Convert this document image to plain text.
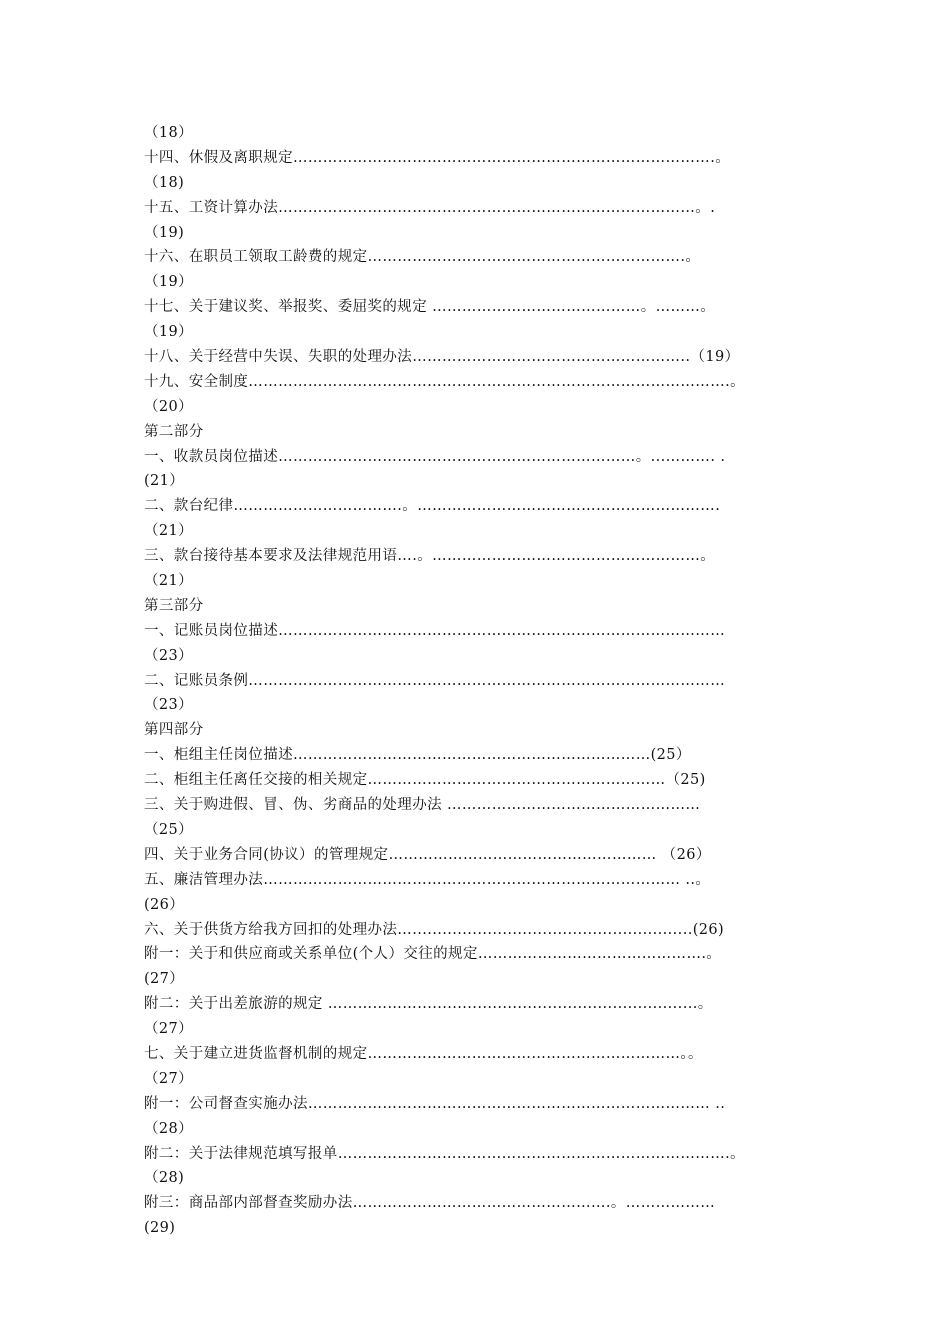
（18）
十四、休假及离职规定………………………………………………………………………….。
（18)
十五、工资计算办法…………………………………………………………………………。.
（19)
十六、在职员工领取工龄费的规定……………………………………………………….。
（19）
十七、关于建议奖、举报奖、委屈奖的规定 ……………………………………。………。
（19）
十八、关于经营中失误、失职的处理办法………………………………………………..（19）
十九、安全制度…………………………………………………………………………………….。
（20）
第二部分
一、收款员岗位描述………………………………………………………………。...………. .
(21）
二、款台纪律…………………………….。…………………………………………………….
（21）
三、款台接待基本要求及法律规范用语….。………………………………………………。
（21）
第三部分
一、记账员岗位描述………………………………………………………………………………
（23）
二、记账员条例……………………………………………………………………………………
（23）
第四部分
一、柜组主任岗位描述………………………………………………………………(25）
二、柜组主任离任交接的相关规定……………………………………………………（25)
三、关于购进假、冒、伪、劣商品的处理办法 ……………………………………………
（25）
四、关于业务合同(协议）的管理规定……………………………………………… （26）
五、廉洁管理办法………………………………………………………………………… ..。
(26）
六、关于供货方给我方回扣的处理办法…........................................................(26)
附一：关于和供应商或关系单位(个人）交往的规定……………………………………….。
(27）
附二：关于出差旅游的规定 ………………........................................................。
（27）
七、关于建立进货监督机制的规定………………………………………………………。。
（27）
附一：公司督查实施办法……………………………………………………………………… ..
（28）
附二：关于法律规范填写报单…………………………………………………………………….。
（28)
附三：商品部内部督查奖励办法…………………………………………….。………………
(29)
